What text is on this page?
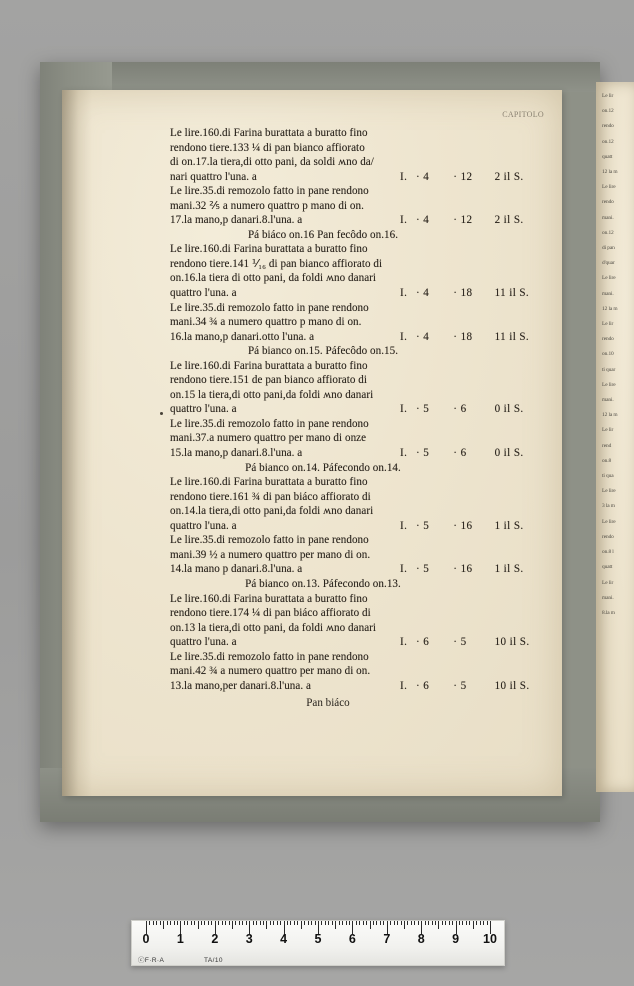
CAPITOLO
Le lire.160.di Farina burattata a buratto fino
rendono tiere.133 ¼ di pan bianco affiorato
di on.17.la tiera,di otto pani, da soldi ʍno da/
nari quattro l'una. a	I. · 4 · 12 2 il S.
Le lire.35.di remozolo fatto in pane rendono
mani.32 ⅖ a numero quattro p mano di on.
17.la mano,p danari.8.l'una. a	I. · 4 · 12 2 il S.
Pá biáco on.16 Pan fecôdo on.16.
Le lire.160.di Farina burattata a buratto fino
rendono tiere.141 ⅟₁₆ di pan bianco affiorato di
on.16.la tiera di otto pani, da foldi ʍno danari
quattro l'una. a	I. · 4 · 18 11 il S.
Le lire.35.di remozolo fatto in pane rendono
mani.34 ¾ a numero quattro p mano di on.
16.la mano,p danari.otto l'una. a	I. · 4 · 18 11 il S.
Pá bianco on.15. Páfecôdo on.15.
Le lire.160.di Farina burattata a buratto fino
rendono tiere.151 de pan bianco affiorato di
on.15 la tiera,di otto pani,da foldi ʍno danari
quattro l'una. a	I. · 5 · 6	0 il S.
Le lire.35.di remozolo fatto in pane rendono
mani.37.a numero quattro per mano di onze
15.la mano,p danari.8.l'una. a	I. · 5 · 6	0 il S.
Pá bianco on.14. Páfecondo on.14.
Le lire.160.di Farina burattata a buratto fino
rendono tiere.161 ¾ di pan biáco affiorato di
on.14.la tiera,di otto pani,da foldi ʍno danari
quattro l'una. a	I. · 5 · 16 1 il S.
Le lire.35.di remozolo fatto in pane rendono
mani.39 ½ a numero quattro per mano di on.
14.la mano p danari.8.l'una. a	I. · 5 · 16 1 il S.
Pá bianco on.13. Páfecondo on.13.
Le lire.160.di Farina burattata a buratto fino
rendono tiere.174 ¼ di pan biáco affiorato di
on.13 la tiera,di otto pani, da foldi ʍno danari
quattro l'una. a	I. · 6 · 5	10 il S.
Le lire.35.di remozolo fatto in pane rendono
mani.42 ¾ a numero quattro per mano di on.
13.la mano,per danari.8.l'una. a	I. · 6 · 5	10 il S.
Pan biáco

Le lir

on.12

rendo

on.12

quatt

12 la m

Le lire

rendo

mani.

on.12

di pan

d'quar

Le lire

mani.

12 la m

Le lir

rendo

on.10

ti quar

Le lire

mani.

12 la m

Le lir

rend

on.8

ti qua

Le lire

3 la m

Le lire

rendo

on.8 l

quatt

Le lir

mani.

8.la m

0 1 2 3 4 5 6 7 8 9 10
ⓒF·R·A	TA/10
